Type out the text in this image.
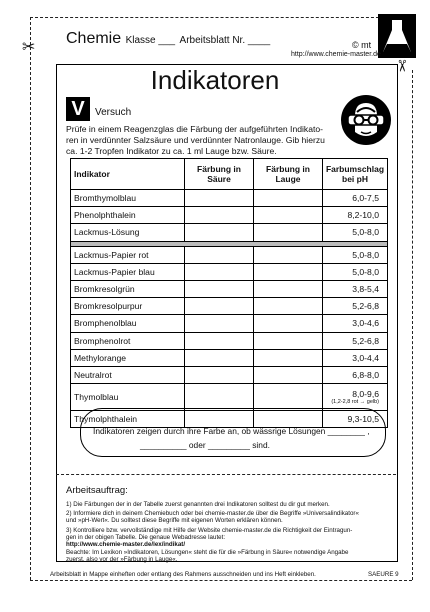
✂
✂
Chemie Klasse ___ Arbeitsblatt Nr. ____	© mt
http://www.chemie-master.de
Indikatoren
V	Versuch
Prüfe in einem Reagenzglas die Färbung der aufgeführten Indikato-
ren in verdünnter Salzsäure und verdünnter Natronlauge. Gib hierzu
ca. 1-2 Tropfen Indikator zu ca. 1 ml Lauge bzw. Säure.
Indikator	Färbung in Säure	Färbung in Lauge	Farbumschlag bei pH
Bromthymolblau			6,0-7,5
Phenolphthalein			8,2-10,0
Lackmus-Lösung			5,0-8,0

Lackmus-Papier rot			5,0-8,0
Lackmus-Papier blau			5,0-8,0
Bromkresolgrün			3,8-5,4
Bromkresolpurpur			5,2-6,8
Bromphenolblau			3,0-4,6
Bromphenolrot			5,2-6,8
Methylorange			3,0-4,4
Neutralrot			6,8-8,0
Thymolblau			8,0-9,6
(1,2-2,8 rot → gelb)

Thymolphthalein			9,3-10,5
Indikatoren zeigen durch ihre Farbe an, ob wässrige Lösungen ________ ,
__________ oder _________ sind.
Arbeitsauftrag:
1) Die Färbungen der in der Tabelle zuerst genannten drei Indikatoren solltest du dir gut merken.
2) Informiere dich in deinem Chemiebuch oder bei chemie-master.de über die Begriffe »Universalindikator«
und »pH-Wert«. Du solltest diese Begriffe mit eigenen Worten erklären können.
3) Kontrolliere bzw. vervollständige mit Hilfe der Website chemie-master.de die Richtigkeit der Eintragun-
gen in der obigen Tabelle. Die genaue Webadresse lautet:
http://www.chemie-master.de/lex/indikat/
Beachte: Im Lexikon »Indikatoren, Lösungen« steht die für die »Färbung in Säure« notwendige Angabe
zuerst, also vor der »Färbung in Lauge«.
Arbeitsblatt in Mappe einheften oder entlang des Rahmens ausschneiden und ins Heft einkleben.	SAEURE 9
